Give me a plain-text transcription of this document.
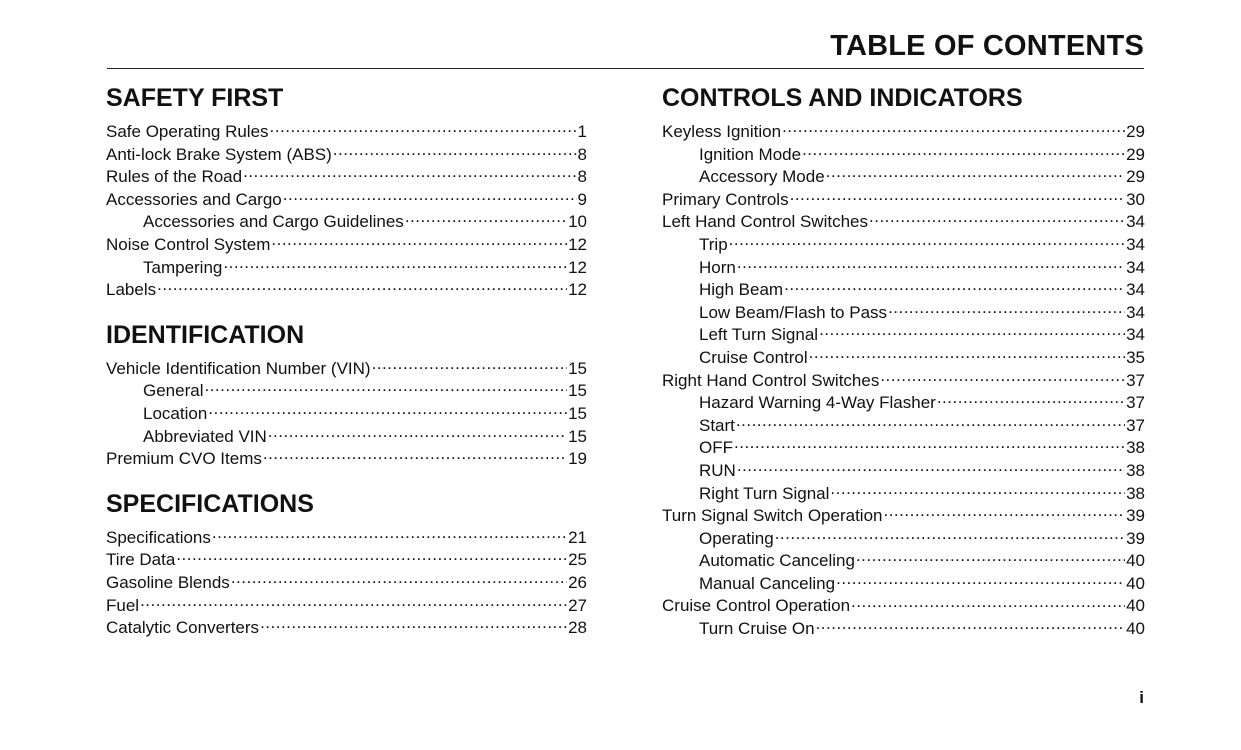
TABLE OF CONTENTS
SAFETY FIRST
Safe Operating Rules .....	1
Anti-lock Brake System (ABS) .....	8
Rules of the Road .....	8
Accessories and Cargo .....	9
Accessories and Cargo Guidelines .....	10
Noise Control System .....	12
Tampering .....	12
Labels .....	12
IDENTIFICATION
Vehicle Identification Number (VIN) .....	15
General .....	15
Location .....	15
Abbreviated VIN .....	15
Premium CVO Items .....	19
SPECIFICATIONS
Specifications .....	21
Tire Data .....	25
Gasoline Blends .....	26
Fuel .....	27
Catalytic Converters .....	28
CONTROLS AND INDICATORS
Keyless Ignition .....	29
Ignition Mode .....	29
Accessory Mode .....	29
Primary Controls .....	30
Left Hand Control Switches .....	34
Trip .....	34
Horn .....	34
High Beam .....	34
Low Beam/Flash to Pass .....	34
Left Turn Signal .....	34
Cruise Control .....	35
Right Hand Control Switches .....	37
Hazard Warning 4-Way Flasher .....	37
Start .....	37
OFF .....	38
RUN .....	38
Right Turn Signal .....	38
Turn Signal Switch Operation .....	39
Operating .....	39
Automatic Canceling .....	40
Manual Canceling .....	40
Cruise Control Operation .....	40
Turn Cruise On .....	40
i
